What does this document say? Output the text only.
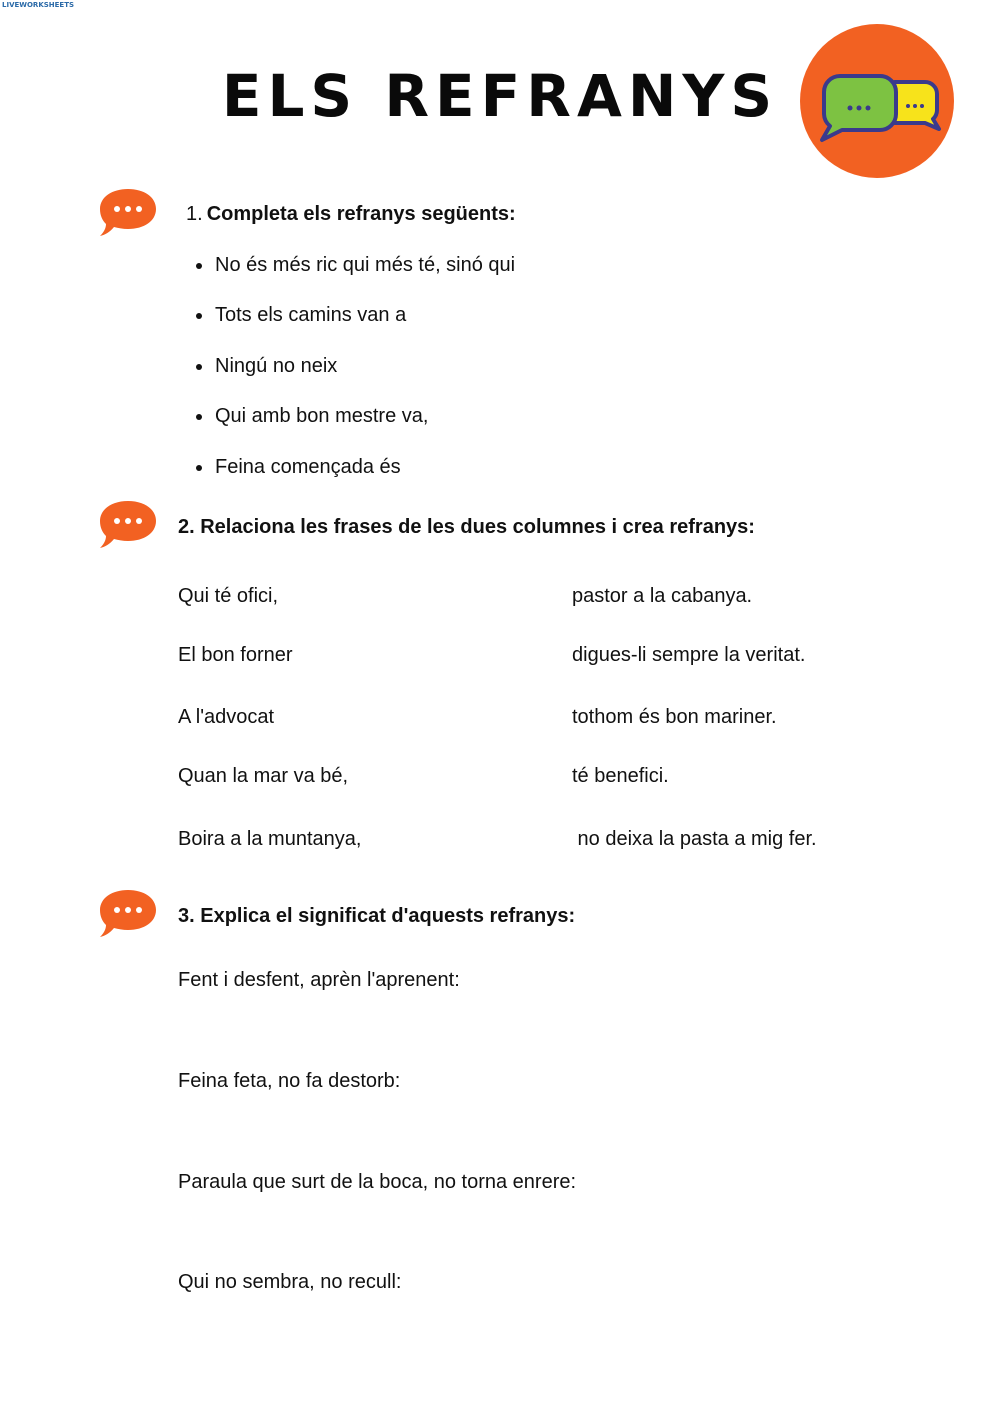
LIVEWORKSHEETS
ELS REFRANYS
1. Completa els refranys següents:
No és més ric qui més té, sinó qui
Tots els camins van a
Ningú no neix
Qui amb bon mestre va,
Feina començada és
2. Relaciona les frases de les dues columnes i crea refranys:
Qui té ofici,	pastor a la cabanya.
El bon forner	digues-li sempre la veritat.
A l'advocat	tothom és bon mariner.
Quan la mar va bé,	té benefici.
Boira a la muntanya,	no deixa la pasta a mig fer.
3. Explica el significat d'aquests refranys:
Fent i desfent, aprèn l'aprenent:
Feina feta, no fa destorb:
Paraula que surt de la boca, no torna enrere:
Qui no sembra, no recull:
